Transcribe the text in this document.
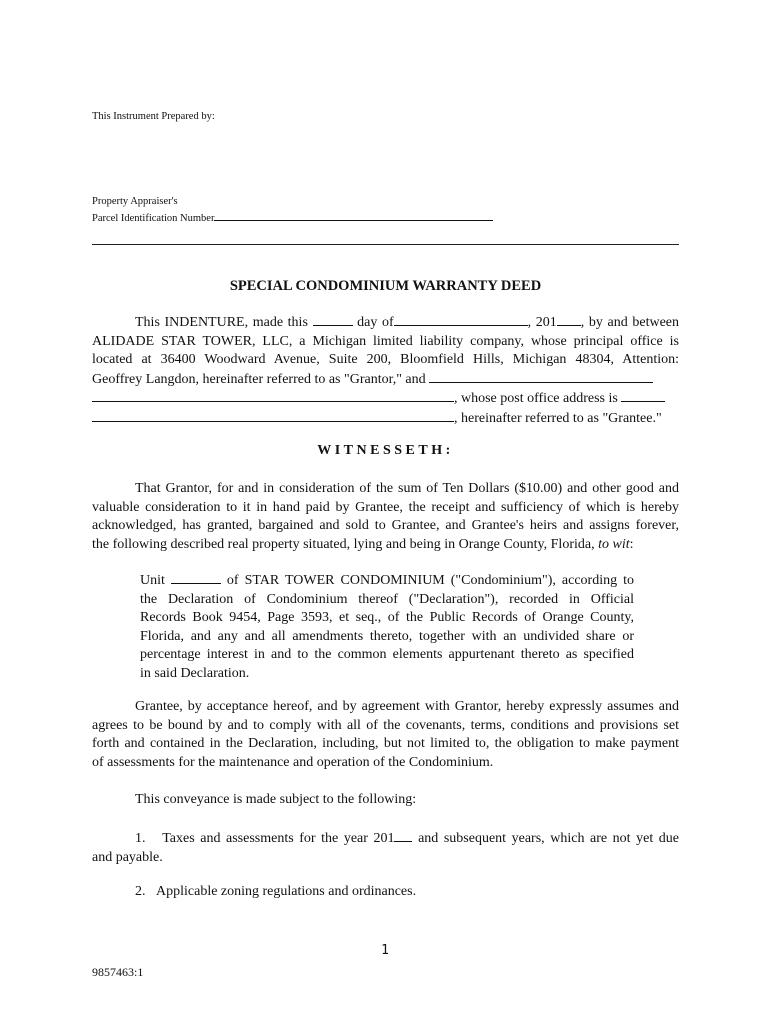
This Instrument Prepared by:
Property Appraiser's
Parcel Identification Number
SPECIAL CONDOMINIUM WARRANTY DEED
This INDENTURE, made this	day of	, 201 , by and between
ALIDADE STAR TOWER, LLC, a Michigan limited liability company, whose principal office is
located at 36400 Woodward Avenue, Suite 200, Bloomfield Hills, Michigan 48304, Attention:
Geoffrey Langdon, hereinafter referred to as "Grantor," and
, whose post office address is
, hereinafter referred to as "Grantee."
WITNESSETH:
That Grantor, for and in consideration of the sum of Ten Dollars ($10.00) and other good and
valuable consideration to it in hand paid by Grantee, the receipt and sufficiency of which is hereby
acknowledged, has granted, bargained and sold to Grantee, and Grantee's heirs and assigns forever,
the following described real property situated, lying and being in Orange County, Florida, to wit:
Unit	of STAR TOWER CONDOMINIUM ("Condominium"), according to
the Declaration of Condominium thereof ("Declaration"), recorded in Official
Records Book 9454, Page 3593, et seq., of the Public Records of Orange County,
Florida, and any and all amendments thereto, together with an undivided share or
percentage interest in and to the common elements appurtenant thereto as specified
in said Declaration.
Grantee, by acceptance hereof, and by agreement with Grantor, hereby expressly assumes and
agrees to be bound by and to comply with all of the covenants, terms, conditions and provisions set
forth and contained in the Declaration, including, but not limited to, the obligation to make payment
of assessments for the maintenance and operation of the Condominium.
This conveyance is made subject to the following:
1. Taxes and assessments for the year 201 and subsequent years, which are not yet due
and payable.
2. Applicable zoning regulations and ordinances.
1
9857463:1
